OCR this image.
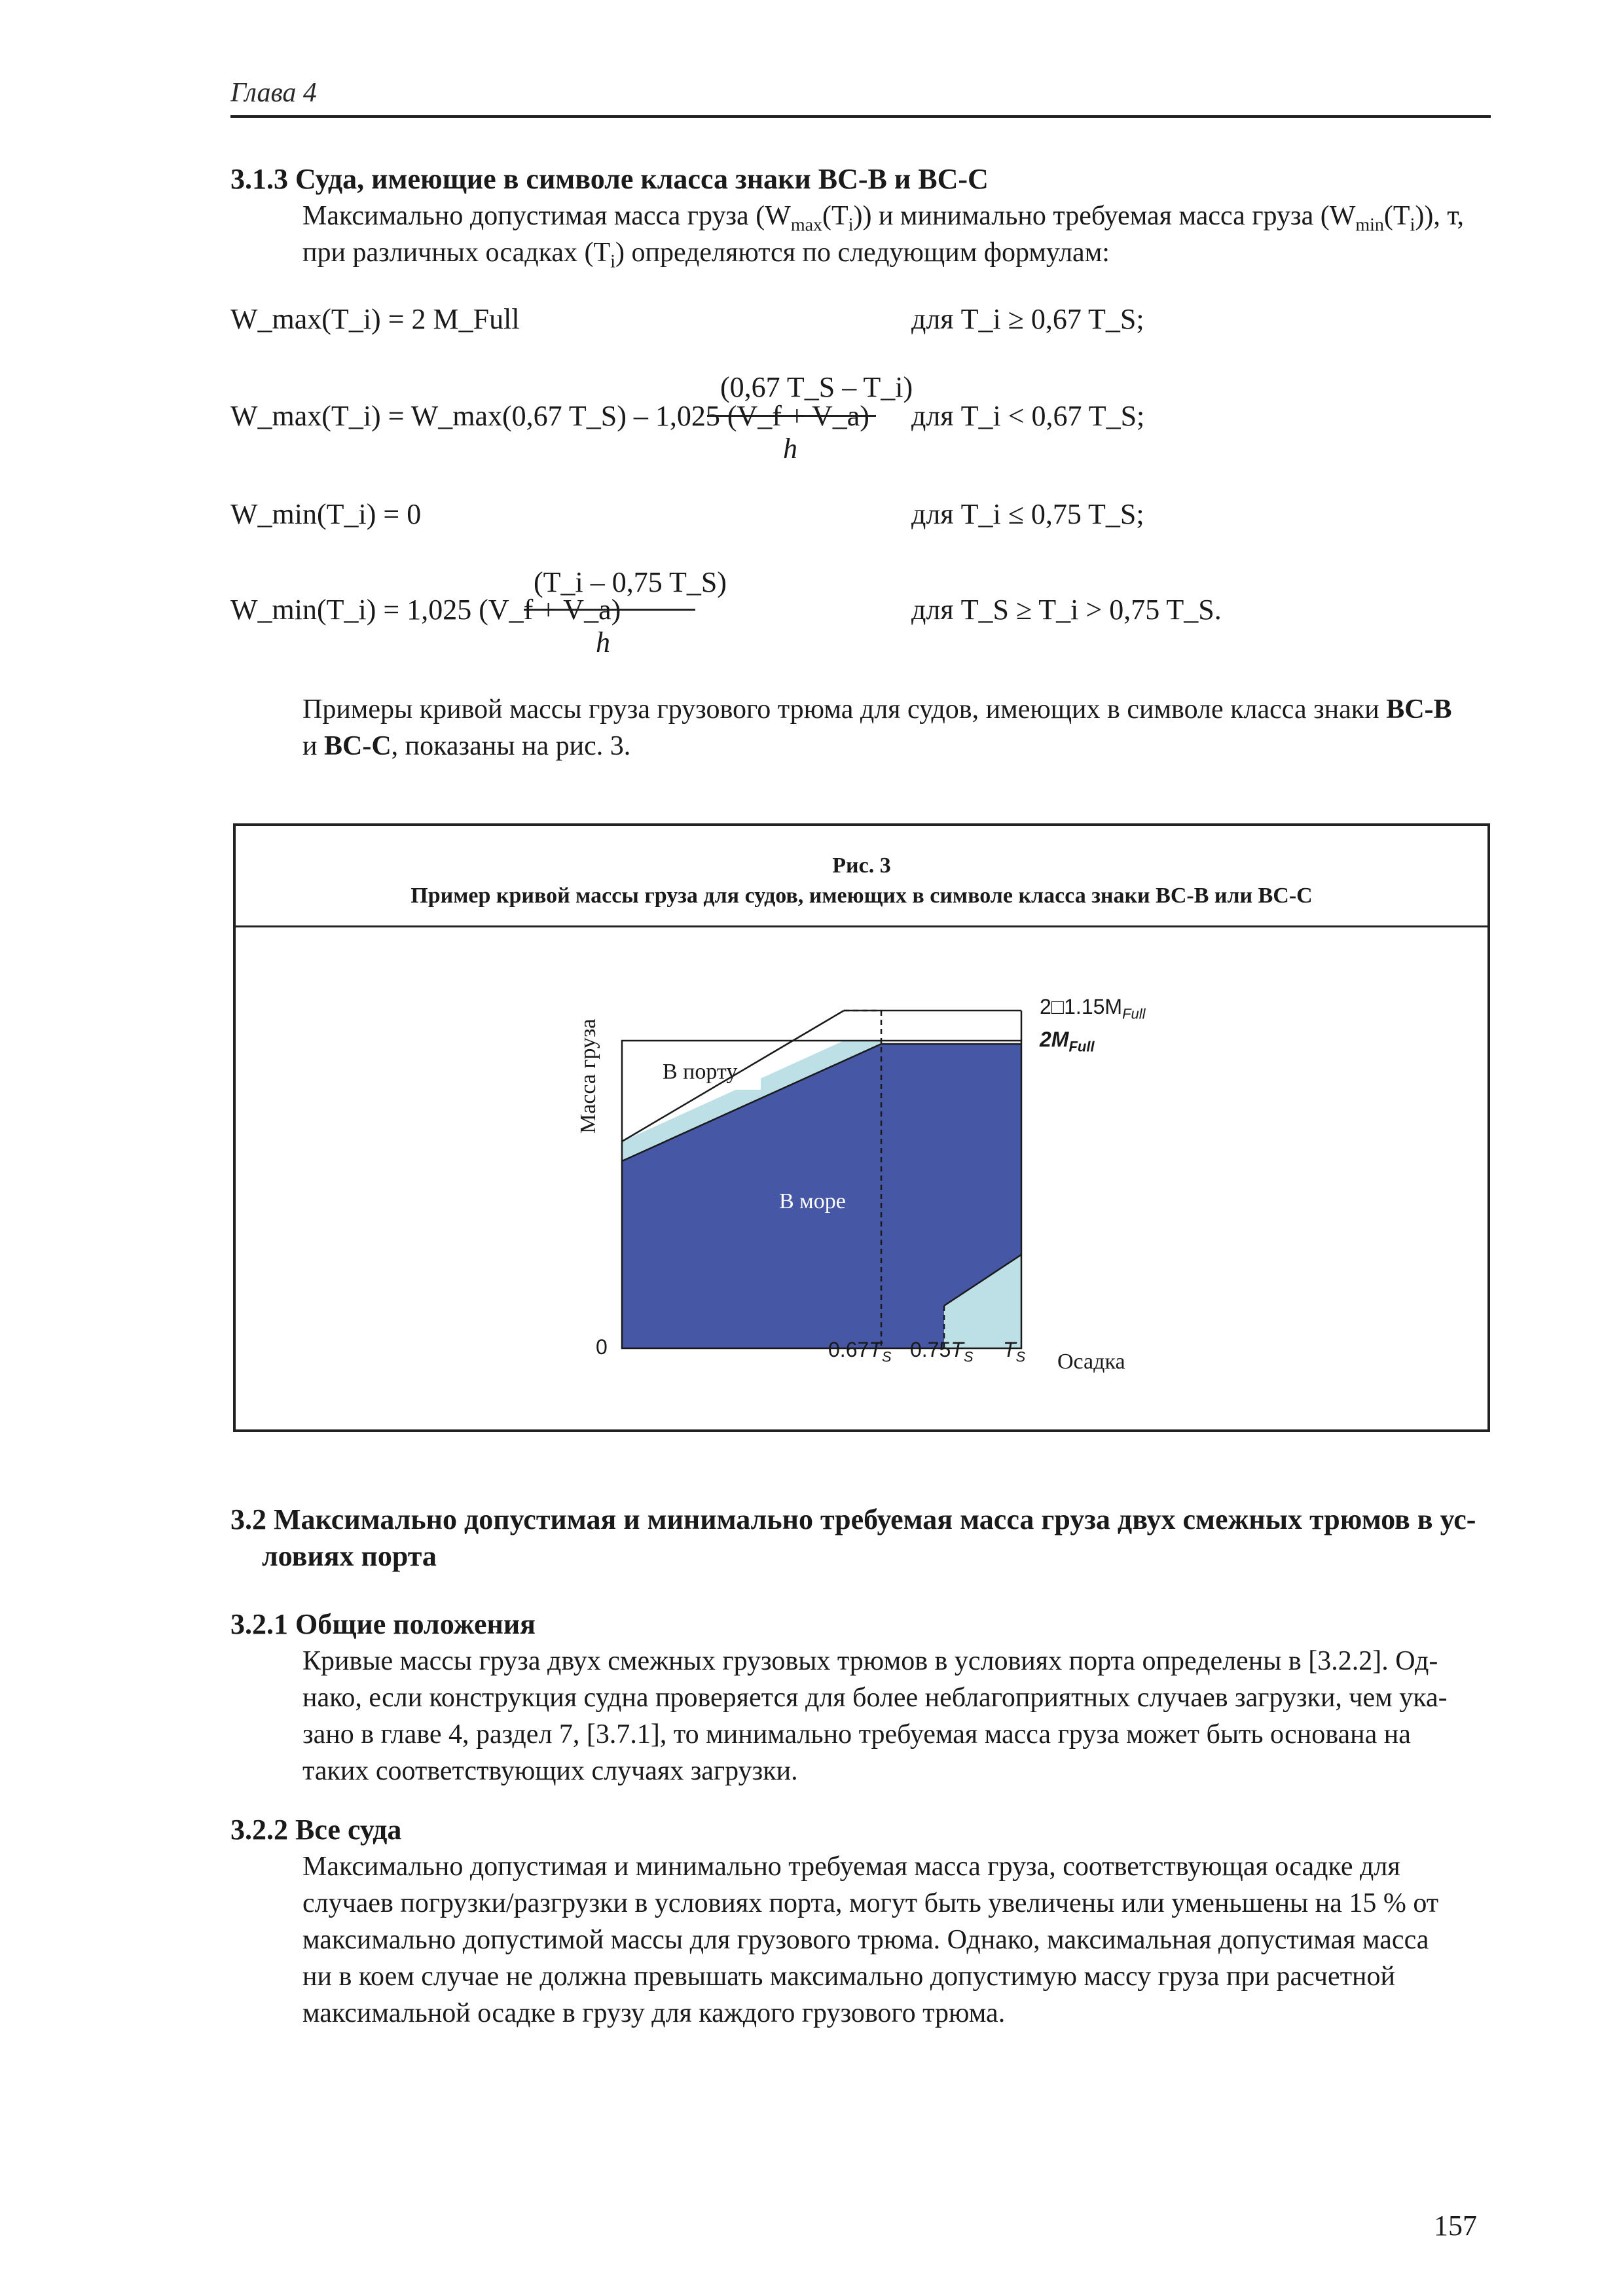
Глава 4
3.1.3 Суда, имеющие в символе класса знаки ВС-В и ВС-С
Максимально допустимая масса груза $(W_{max}(T_i))$ и минимально требуемая масса груза $(W_{min}(T_i))$, т,
при различных осадках $(T_i)$ определяются по следующим формулам:
W_max(T_i) = 2 M_Full	для T_i ≥ 0,67 T_S;
(0,67 T_S – T_i)
W_max(T_i) = W_max(0,67 T_S) – 1,025 (V_f + V_a)
h
для T_i < 0,67 T_S;
W_min(T_i) = 0	для T_i ≤ 0,75 T_S;
(T_i – 0,75 T_S)
W_min(T_i) = 1,025 (V_f + V_a)
h
для T_S ≥ T_i > 0,75 T_S.
Примеры кривой массы груза грузового трюма для судов, имеющих в символе класса знаки ВС-В
и ВС-С, показаны на рис. 3.
Рис. 3
Пример кривой массы груза для судов, имеющих в символе класса знаки ВС-В или ВС-С
В порту
В море
Масса груза
Осадка
$2□1.15M_{Full}$
$2M_{Full}$
0	$0.67T_S$ $0.75T_S$ $T_S$
3.2 Максимально допустимая и минимально требуемая масса груза двух смежных трюмов в ус-
ловиях порта
3.2.1 Общие положения
Кривые массы груза двух смежных грузовых трюмов в условиях порта определены в [3.2.2]. Од-
нако, если конструкция судна проверяется для более неблагоприятных случаев загрузки, чем ука-
зано в главе 4, раздел 7, [3.7.1], то минимально требуемая масса груза может быть основана на
таких соответствующих случаях загрузки.
3.2.2 Все суда
Максимально допустимая и минимально требуемая масса груза, соответствующая осадке для
случаев погрузки/разгрузки в условиях порта, могут быть увеличены или уменьшены на 15 % от
максимально допустимой массы для грузового трюма. Однако, максимальная допустимая масса
ни в коем случае не должна превышать максимально допустимую массу груза при расчетной
максимальной осадке в грузу для каждого грузового трюма.
157
